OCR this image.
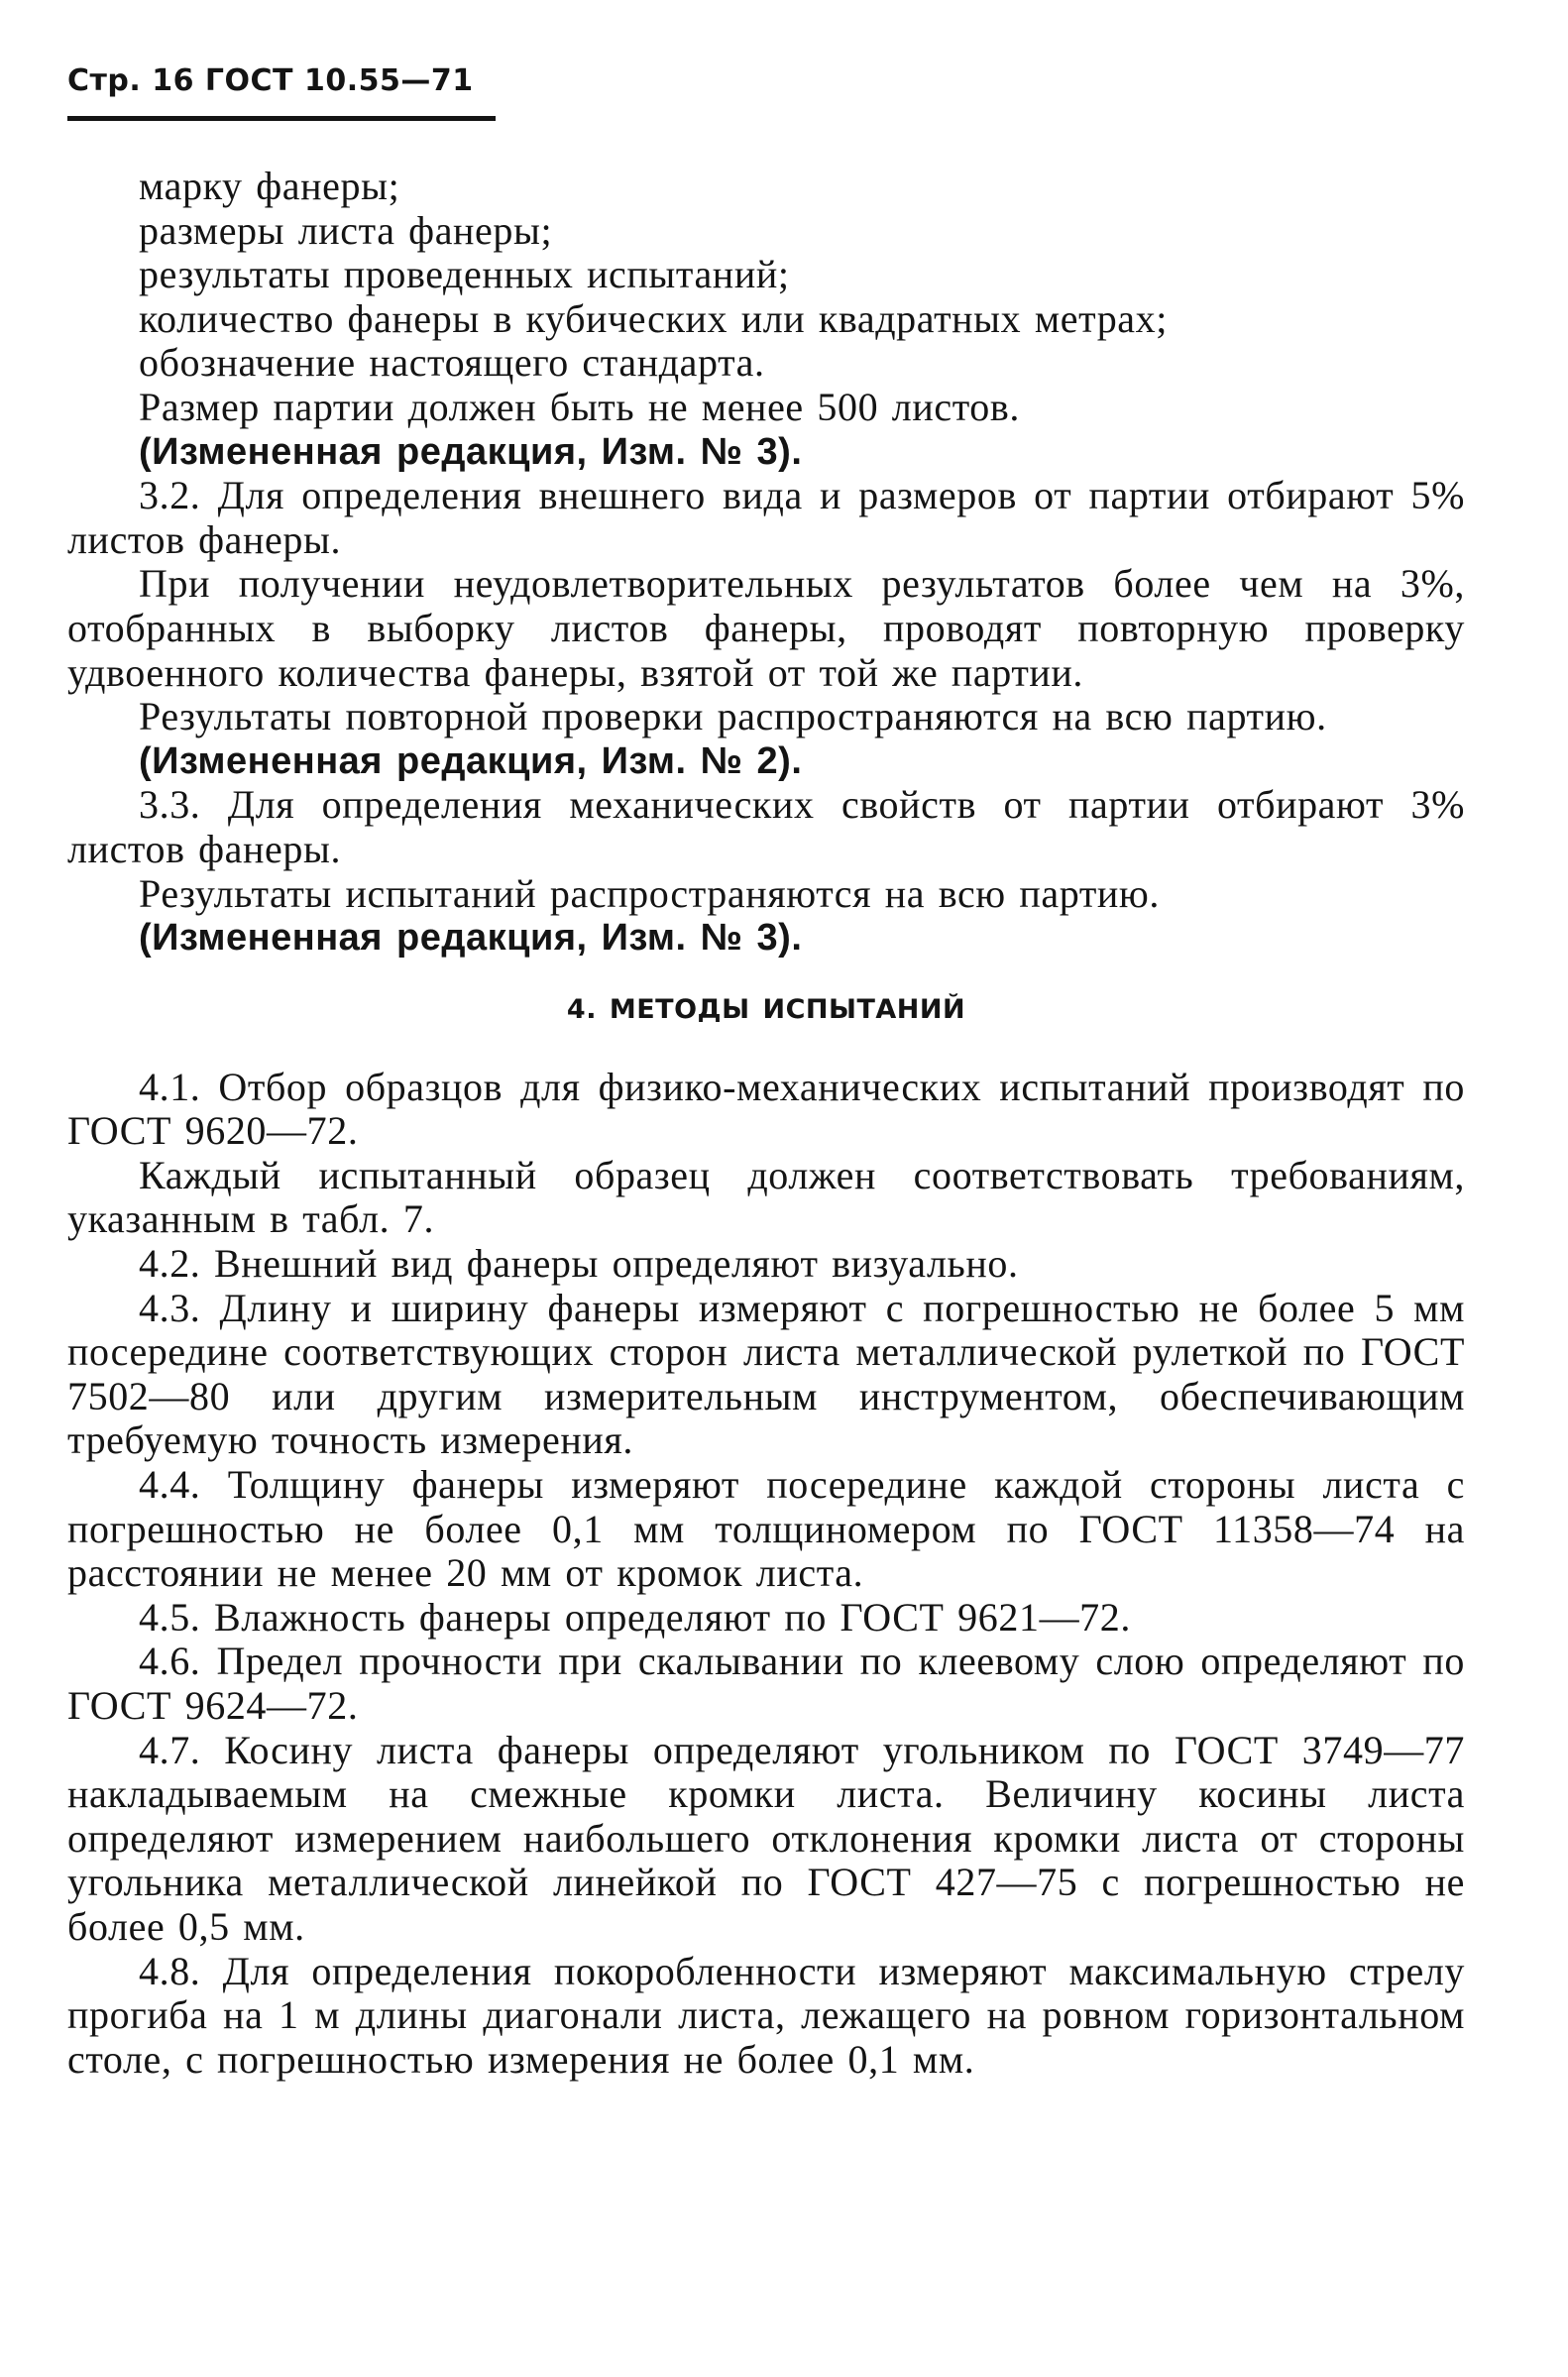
Стр. 16 ГОСТ 10.55—71

марку фанеры;

размеры листа фанеры;

результаты проведенных испытаний;

количество фанеры в кубических или квадратных метрах;

обозначение настоящего стандарта.

Размер партии должен быть не менее 500 листов.

(Измененная редакция, Изм. № 3).

3.2. Для определения внешнего вида и размеров от партии отбирают 5% листов фанеры.

При получении неудовлетворительных результатов более чем на 3%, отобранных в выборку листов фанеры, проводят повторную проверку удвоенного количества фанеры, взятой от той же партии.

Результаты повторной проверки распространяются на всю партию.

(Измененная редакция, Изм. № 2).

3.3. Для определения механических свойств от партии отбирают 3% листов фанеры.

Результаты испытаний распространяются на всю партию.

(Измененная редакция, Изм. № 3).

4. МЕТОДЫ ИСПЫТАНИЙ

4.1. Отбор образцов для физико-механических испытаний производят по ГОСТ 9620—72.

Каждый испытанный образец должен соответствовать требованиям, указанным в табл. 7.

4.2. Внешний вид фанеры определяют визуально.

4.3. Длину и ширину фанеры измеряют с погрешностью не более 5 мм посередине соответствующих сторон листа металлической рулеткой по ГОСТ 7502—80 или другим измерительным инструментом, обеспечивающим требуемую точность измерения.

4.4. Толщину фанеры измеряют посередине каждой стороны листа с погрешностью не более 0,1 мм толщиномером по ГОСТ 11358—74 на расстоянии не менее 20 мм от кромок листа.

4.5. Влажность фанеры определяют по ГОСТ 9621—72.

4.6. Предел прочности при скалывании по клеевому слою определяют по ГОСТ 9624—72.

4.7. Косину листа фанеры определяют угольником по ГОСТ 3749—77 накладываемым на смежные кромки листа. Величину косины листа определяют измерением наибольшего отклонения кромки листа от стороны угольника металлической линейкой по ГОСТ 427—75 с погрешностью не более 0,5 мм.

4.8. Для определения покоробленности измеряют максимальную стрелу прогиба на 1 м длины диагонали листа, лежащего на ровном горизонтальном столе, с погрешностью измерения не более 0,1 мм.
